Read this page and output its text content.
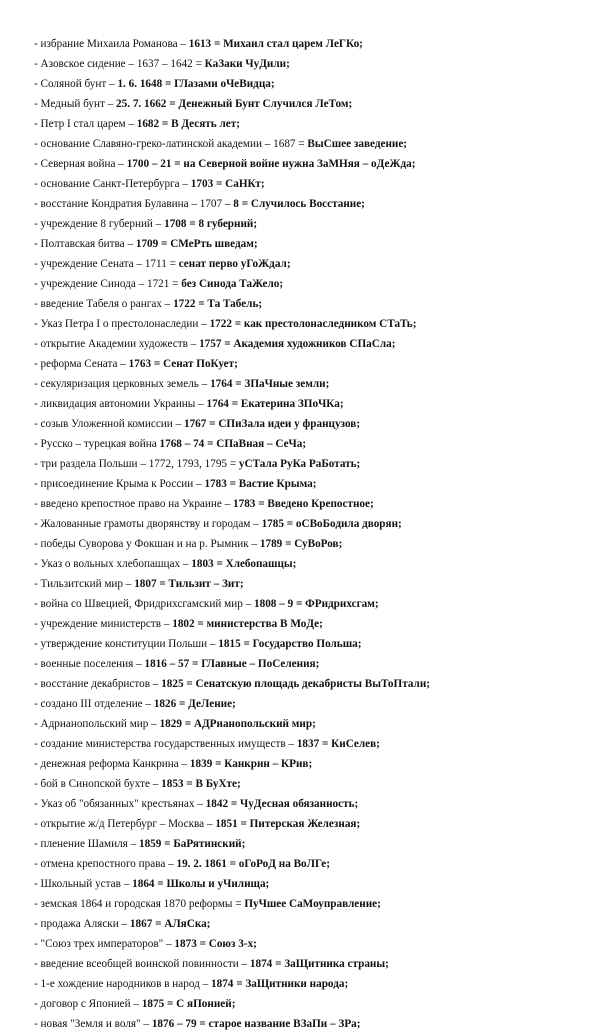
- избрание Михаила Романова – 1613 = Михаил стал царем ЛеГКо;
- Азовское сидение – 1637 – 1642 = КаЗаки ЧуДили;
- Соляной бунт – 1. 6. 1648 = ГЛазами оЧеВидца;
- Медный бунт – 25. 7. 1662 = Денежный Бунт Случился ЛеТом;
- Петр I стал царем – 1682 = В Десять лет;
- основание Славяно-греко-латинской академии – 1687 = ВыСшее заведение;
- Северная война – 1700 – 21 = на Северной войне нужна ЗаМНяя – оДеЖда;
- основание Санкт-Петербурга – 1703 = СаНКт;
- восстание Кондратия Булавина – 1707 – 8 = Случилось Восстание;
- учреждение 8 губерний – 1708 = 8 губерний;
- Полтавская битва – 1709 = СМеРть шведам;
- учреждение Сената – 1711 = сенат перво уГоЖдал;
- учреждение Синода – 1721 = без Синода ТаЖело;
- введение Табеля о рангах – 1722 = Та Табель;
- Указ Петра I о престолонаследии – 1722 = как престолонаследником СТаТь;
- открытие Академии художеств – 1757 = Академия художников СПаСла;
- реформа Сената – 1763 = Сенат ПоКует;
- секуляризация церковных земель – 1764 = ЗПаЧные земли;
- ликвидация автономии Украины – 1764 = Екатерина ЗПоЧКа;
- созыв Уложенной комиссии – 1767 = СПиЗала идеи у французов;
- Русско – турецкая война 1768 – 74 = СПаВная – СеЧа;
- три раздела Польши – 1772, 1793, 1795 = уСТала РуКа РаБотать;
- присоединение Крыма к России – 1783 = Вастие Крыма;
- введено крепостное право на Украине – 1783 = Введено Крепостное;
- Жалованные грамоты дворянству и городам – 1785 = оСВоБодила дворян;
- победы Суворова у Фокшан и на р. Рымник – 1789 = СуВоРов;
- Указ о вольных хлебопашцах – 1803 = Хлебопашцы;
- Тильзитский мир – 1807 = Тильзит – Зит;
- война со Швецией, Фридрихсгамский мир – 1808 – 9 = ФРидрихсгам;
- учреждение министерств – 1802 = министерства В МоДе;
- утверждение конституции Польши – 1815 = Государство Польша;
- военные поселения – 1816 – 57 = ГЛавные – ПоСеления;
- восстание декабристов – 1825 = Сенатскую площадь декабристы ВыТоПтали;
- создано III отделение – 1826 = ДеЛение;
- Адрианопольский мир – 1829 = АДРианопольский мир;
- создание министерства государственных имуществ – 1837 = КиСелев;
- денежная реформа Канкрина – 1839 = Канкрин – КРив;
- бой в Синопской бухте – 1853 = В БуХте;
- Указ об "обязанных" крестьянах – 1842 = ЧуДесная обязанность;
- открытие ж/д Петербург – Москва – 1851 = Питерская Железная;
- пленение Шамиля – 1859 = БаРятинский;
- отмена крепостного права – 19. 2. 1861 = оГоРоД на ВоЛГе;
- Школьный устав – 1864 = Школы и уЧилища;
- земская 1864 и городская 1870 реформы = ПуЧшее СаМоуправление;
- продажа Аляски – 1867 = АЛяСка;
- "Союз трех императоров" – 1873 = Союз 3-х;
- введение всеобщей воинской повинности – 1874 = ЗаЩитника страны;
- 1-е хождение народников в народ – 1874 = ЗаЩитники народа;
- договор с Японией – 1875 = С яПонией;
- новая "Земля и воля" – 1876 – 79 = старое название ВЗаПи – ЗРа;
